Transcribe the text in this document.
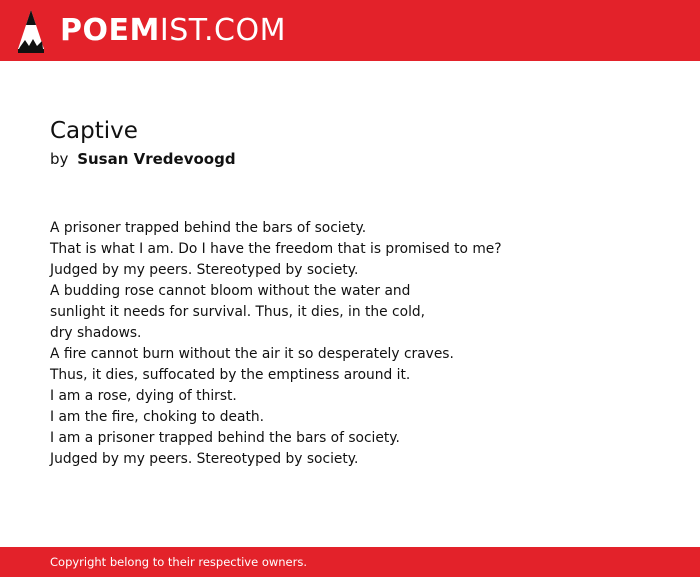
POEMIST.COM
Captive
by Susan Vredevoogd
A prisoner trapped behind the bars of society.
That is what I am. Do I have the freedom that is promised to me?
Judged by my peers. Stereotyped by society.
A budding rose cannot bloom without the water and
sunlight it needs for survival. Thus, it dies, in the cold,
dry shadows.
A fire cannot burn without the air it so desperately craves.
Thus, it dies, suffocated by the emptiness around it.
I am a rose, dying of thirst.
I am the fire, choking to death.
I am a prisoner trapped behind the bars of society.
Judged by my peers. Stereotyped by society.
Copyright belong to their respective owners.
